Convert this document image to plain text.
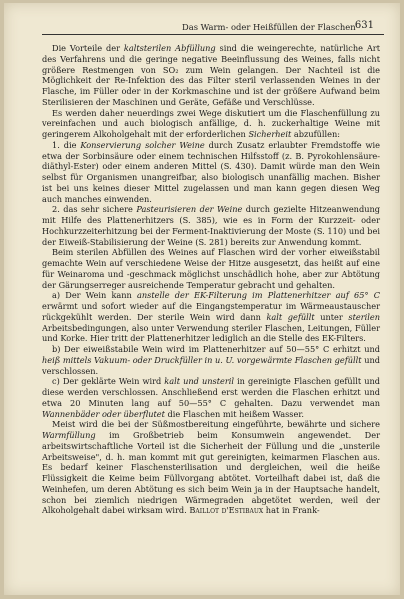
Das Warm- oder Heißfüllen der Flaschen 631

Die Vorteile der kaltsterilen Abfüllung sind die weingerechte, natürliche Art des Verfahrens und die geringe negative Beeinflussung des Weines, falls nicht größere Restmengen von SO₂ zum Wein gelangen. Der Nachteil ist die Möglichkeit der Re-Infektion des das Filter steril verlassenden Weines in der Flasche, im Füller oder in der Korkmaschine und ist der größere Aufwand beim Sterilisieren der Maschinen und Geräte, Gefäße und Verschlüsse.

Es werden daher neuerdings zwei Wege diskutiert um die Flaschenfüllung zu vereinfachen und auch biologisch anfällige, d. h. zuckerhaltige Weine mit geringerem Alkoholgehalt mit der erforderlichen Sicherheit abzufüllen:

1. die Konservierung solcher Weine durch Zusatz erlaubter Fremdstoffe wie etwa der Sorbinsäure oder einem technischen Hilfsstoff (z. B. Pyrokohlensäure-diäthyl-Ester) oder einem anderen Mittel (S. 430). Damit würde man den Wein selbst für Organismen unangreifbar, also biologisch unanfällig machen. Bisher ist bei uns keines dieser Mittel zugelassen und man kann gegen diesen Weg auch manches einwenden.

2. das sehr sichere Pasteurisieren der Weine durch gezielte Hitzeanwendung mit Hilfe des Plattenerhitzers (S. 385), wie es in Form der Kurzzeit- oder Hochkurzzeiterhitzung bei der Ferment-Inaktivierung der Moste (S. 110) und bei der Eiweiß-Stabilisierung der Weine (S. 281) bereits zur Anwendung kommt.

Beim sterilen Abfüllen des Weines auf Flaschen wird der vorher eiweißstabil gemachte Wein auf verschiedene Weise der Hitze ausgesetzt, das heißt auf eine für Weinaroma und -geschmack möglichst unschädlich hohe, aber zur Abtötung der Gärungserreger ausreichende Temperatur gebracht und gehalten.

a) Der Wein kann anstelle der EK-Filterung im Plattenerhitzer auf 65° C erwärmt und sofort wieder auf die Eingangstemperatur im Wärmeaustauscher rückgekühlt werden. Der sterile Wein wird dann kalt gefüllt unter sterilen Arbeitsbedingungen, also unter Verwendung steriler Flaschen, Leitungen, Füller und Korke. Hier tritt der Plattenerhitzer lediglich an die Stelle des EK-Filters.

b) Der eiweißstabile Wein wird im Plattenerhitzer auf 50—55° C erhitzt und heiß mittels Vakuum- oder Druckfüller in u. U. vorgewärmte Flaschen gefüllt und verschlossen.

c) Der geklärte Wein wird kalt und unsteril in gereinigte Flaschen gefüllt und diese werden verschlossen. Anschließend erst werden die Flaschen erhitzt und etwa 20 Minuten lang auf 50—55° C gehalten. Dazu verwendet man Wannenbäder oder überflutet die Flaschen mit heißem Wasser.

Meist wird die bei der Süßmostbereitung eingeführte, bewährte und sichere Warmfüllung im Großbetrieb beim Konsumwein angewendet. Der arbeitswirtschaftliche Vorteil ist die Sicherheit der Füllung und die „unsterile Arbeitsweise", d. h. man kommt mit gut gereinigten, keimarmen Flaschen aus. Es bedarf keiner Flaschensterilisation und dergleichen, weil die heiße Flüssigkeit die Keime beim Füllvorgang abtötet. Vorteilhaft dabei ist, daß die Weinhefen, um deren Abtötung es sich beim Wein ja in der Hauptsache handelt, schon bei ziemlich niedrigen Wärmegraden abgetötet werden, weil der Alkoholgehalt dabei wirksam wird. Baillot d'Estibaux hat in Frank-
